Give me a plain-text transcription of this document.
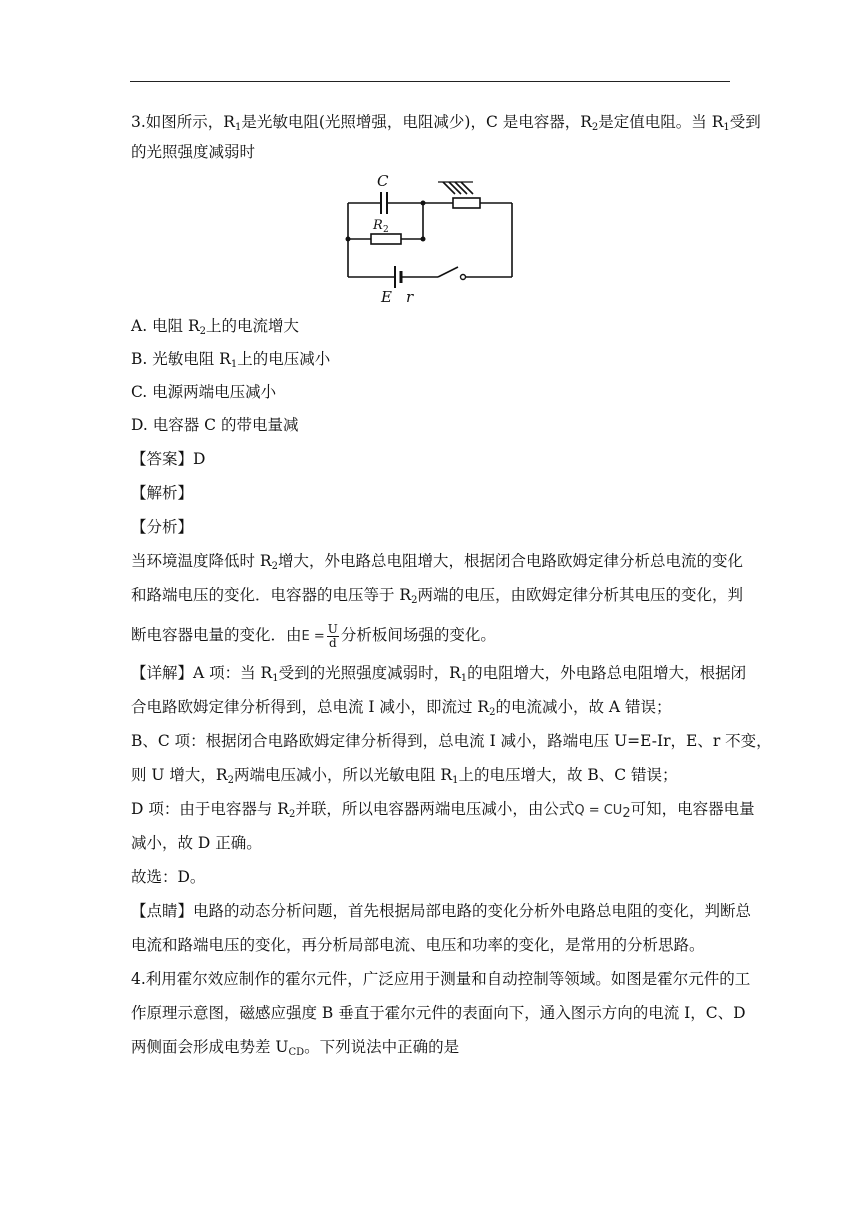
3.如图所示，$R_1$是光敏电阻(光照增强，电阻减少)，C 是电容器，$R_2$是定值电阻。当 $R_1$受到
的光照强度减弱时
C
R 2
E r
A. 电阻 $R_2$上的电流增大
B. 光敏电阻 $R_1$上的电压减小
C. 电源两端电压减小
D. 电容器 C 的带电量减
【答案】D
【解析】
【分析】
当环境温度降低时 $R_2$增大，外电路总电阻增大，根据闭合电路欧姆定律分析总电流的变化
和路端电压的变化．电容器的电压等于 $R_2$两端的电压，由欧姆定律分析其电压的变化，判
断电容器电量的变化．由$E = \frac{U}{d}$ 分析板间场强的变化。
【详解】A 项：当 $R_1$受到的光照强度减弱时，$R_1$的电阻增大，外电路总电阻增大，根据闭
合电路欧姆定律分析得到，总电流 I 减小，即流过 $R_2$的电流减小，故 A 错误；
B、C 项：根据闭合电路欧姆定律分析得到，总电流 I 减小，路端电压 U=E-Ir，E、r 不变，
则 U 增大，$R_2$两端电压减小，所以光敏电阻 $R_1$上的电压增大，故 B、C 错误；
D 项：由于电容器与 $R_2$并联，所以电容器两端电压减小，由公式$Q = CU_2$可知，电容器电量
减小，故 D 正确。
故选：D。
【点睛】电路的动态分析问题，首先根据局部电路的变化分析外电路总电阻的变化，判断总
电流和路端电压的变化，再分析局部电流、电压和功率的变化，是常用的分析思路。
4.利用霍尔效应制作的霍尔元件，广泛应用于测量和自动控制等领域。如图是霍尔元件的工
作原理示意图，磁感应强度 B 垂直于霍尔元件的表面向下，通入图示方向的电流 I，C、D
两侧面会形成电势差 $U_{CD}$。下列说法中正确的是
